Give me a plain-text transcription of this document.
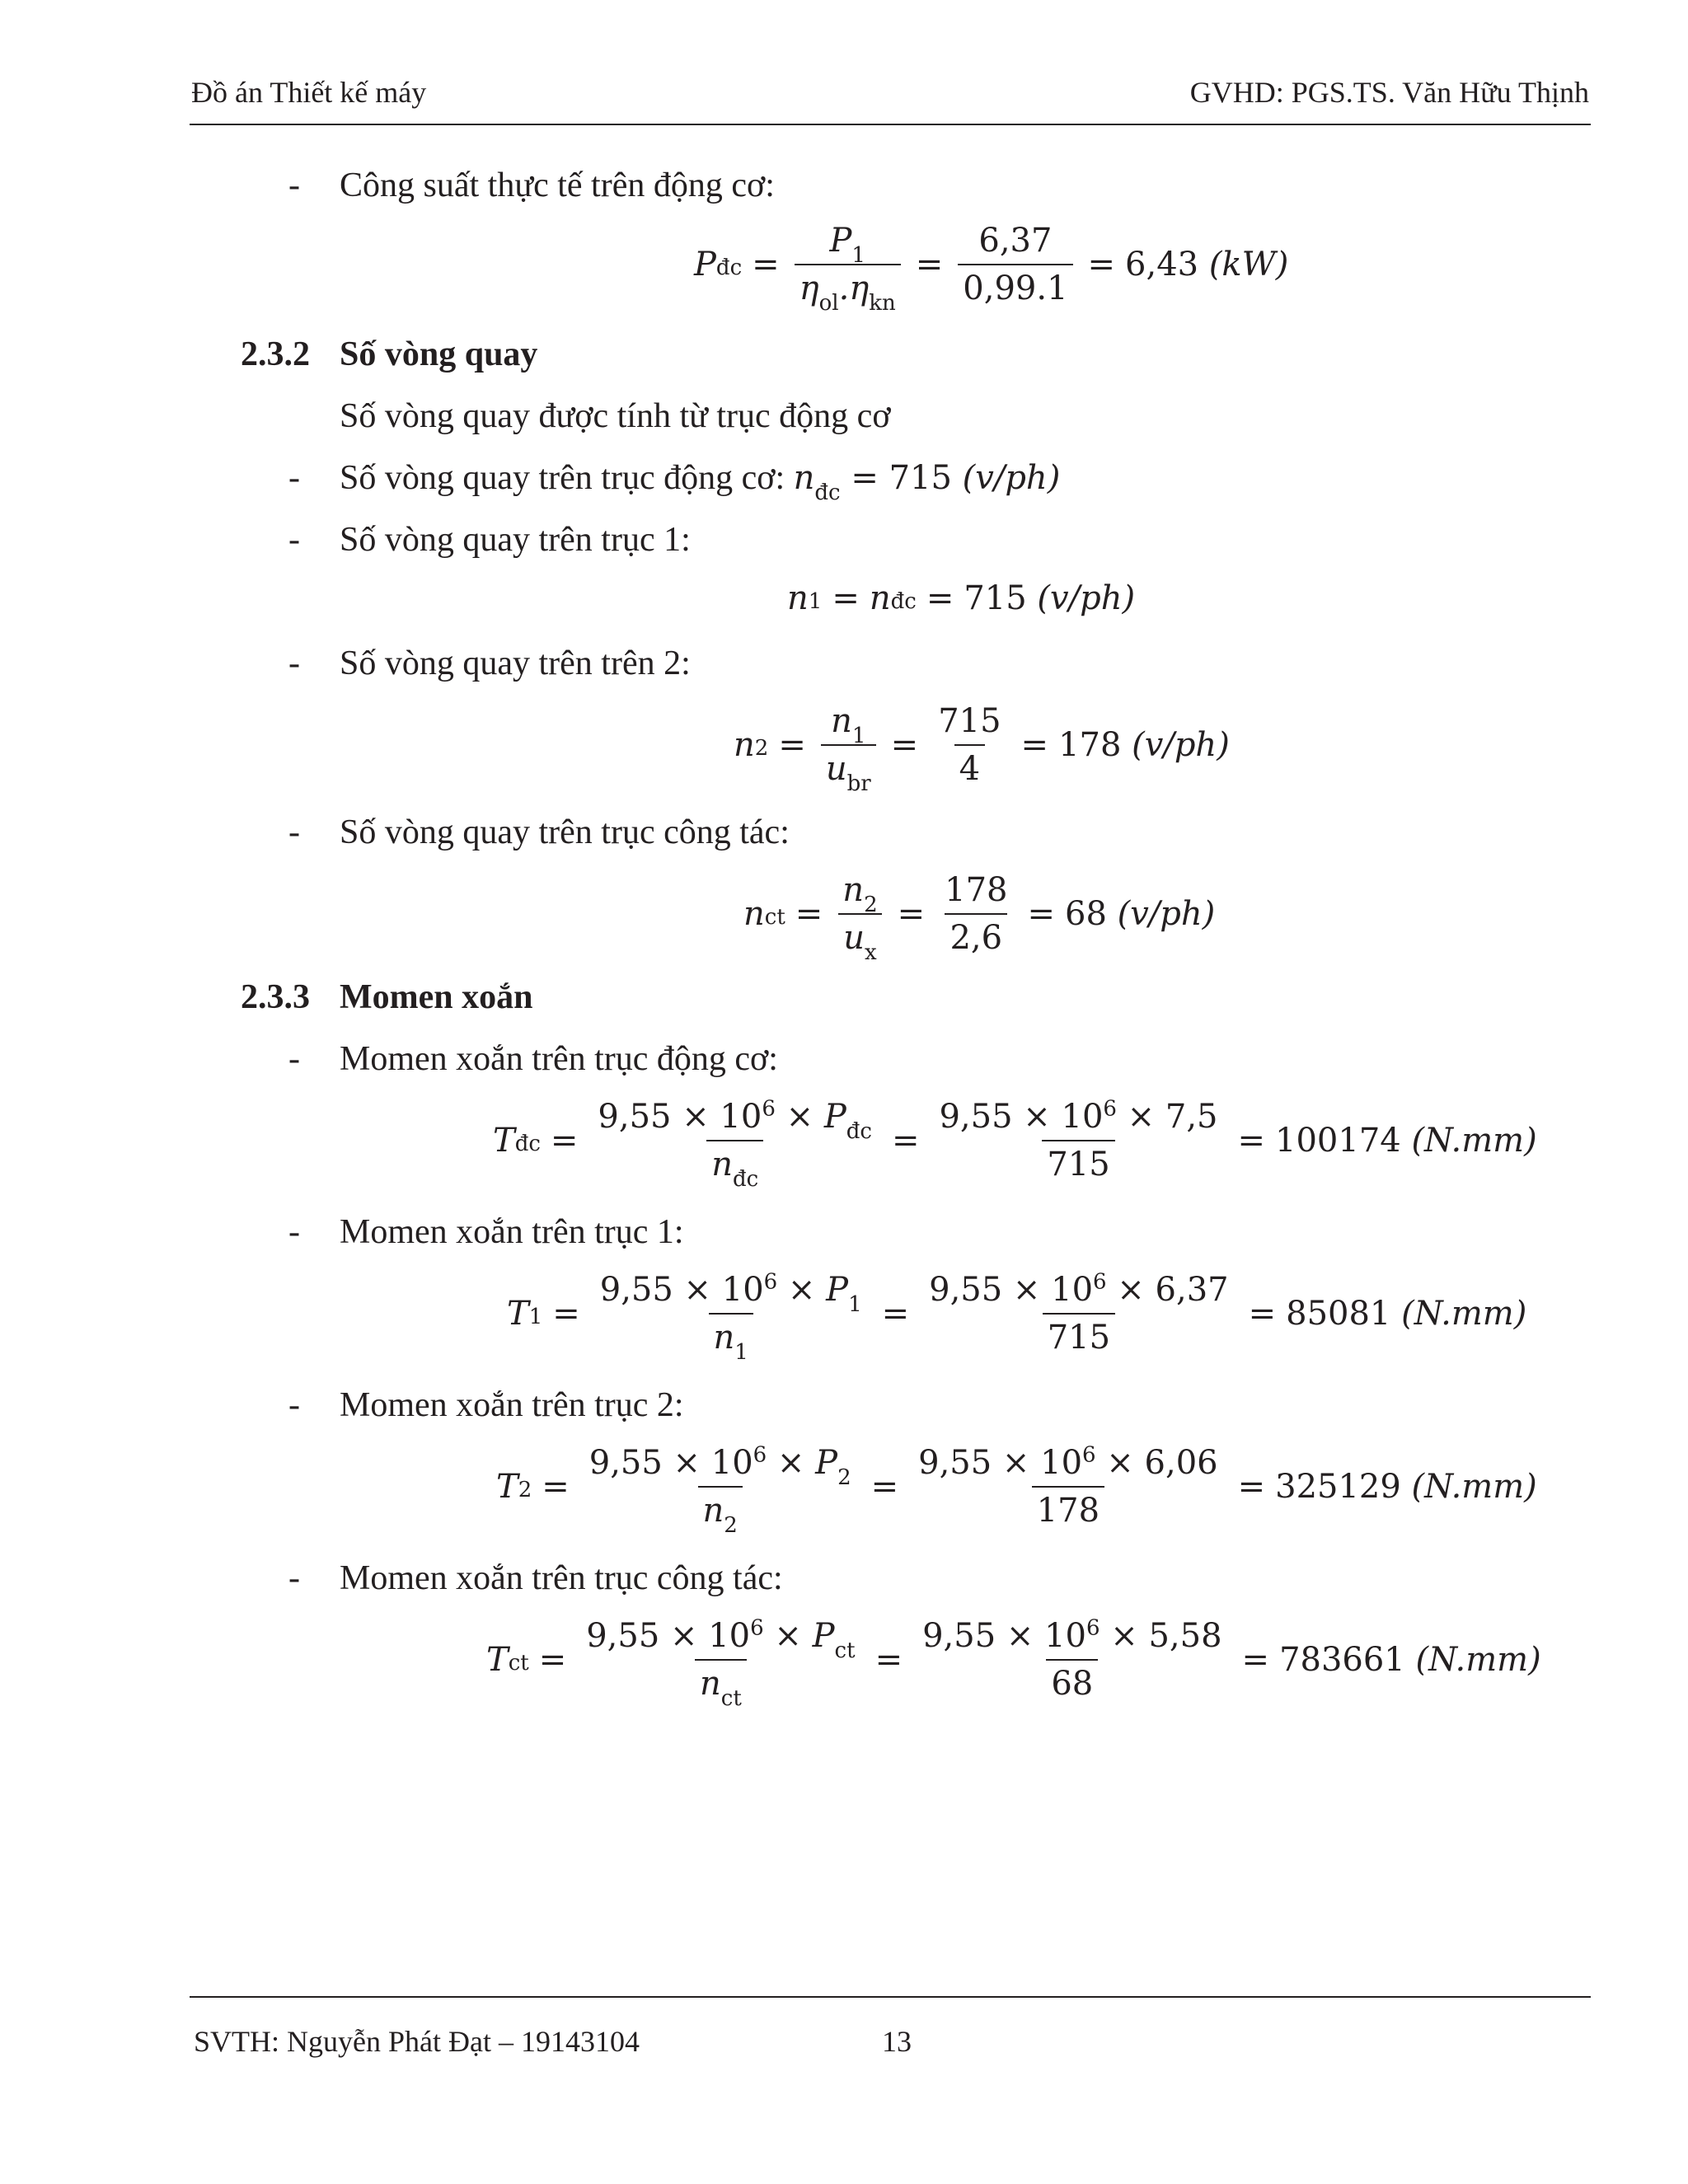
Đồ án Thiết kế máy	GVHD: PGS.TS. Văn Hữu Thịnh
- Công suất thực tế trên động cơ:
$P_{đc} = \frac{P_1}{\eta_{ol}.\eta_{kn}} = \frac{6,37}{0,99.1} = 6,43$
(kW)
2.3.2 Số vòng quay
Số vòng quay được tính từ trục động cơ
- Số vòng quay trên trục động cơ: $n_{đc} = 715$ (v/ph)
- Số vòng quay trên trục 1:
$n_1 = n_{đc} = 715$
(v/ph)
- Số vòng quay trên trên 2:
$n_2 = \frac{n_1}{u_{br}} = \frac{715}{4} = 178$
(v/ph)
- Số vòng quay trên trục công tác:
$n_{ct} = \frac{n_2}{u_x} = \frac{178}{2,6} = 68$
(v/ph)
2.3.3 Momen xoắn
- Momen xoắn trên trục động cơ:
$T_{đc} = \frac{9,55 \times 10^6 \times P_{đc}}{n_{đc}} = \frac{9,55 \times 10^6 \times 7,5}{715} = 100174$
(N.mm)
- Momen xoắn trên trục 1:
$T_1 = \frac{9,55 \times 10^6 \times P_1}{n_1} = \frac{9,55 \times 10^6 \times 6,37}{715} = 85081$
(N.mm)
- Momen xoắn trên trục 2:
$T_2 = \frac{9,55 \times 10^6 \times P_2}{n_2} = \frac{9,55 \times 10^6 \times 6,06}{178} = 325129$
(N.mm)
- Momen xoắn trên trục công tác:
$T_{ct} = \frac{9,55 \times 10^6 \times P_{ct}}{n_{ct}} = \frac{9,55 \times 10^6 \times 5,58}{68} = 783661$
(N.mm)
SVTH: Nguyễn Phát Đạt – 19143104	13
